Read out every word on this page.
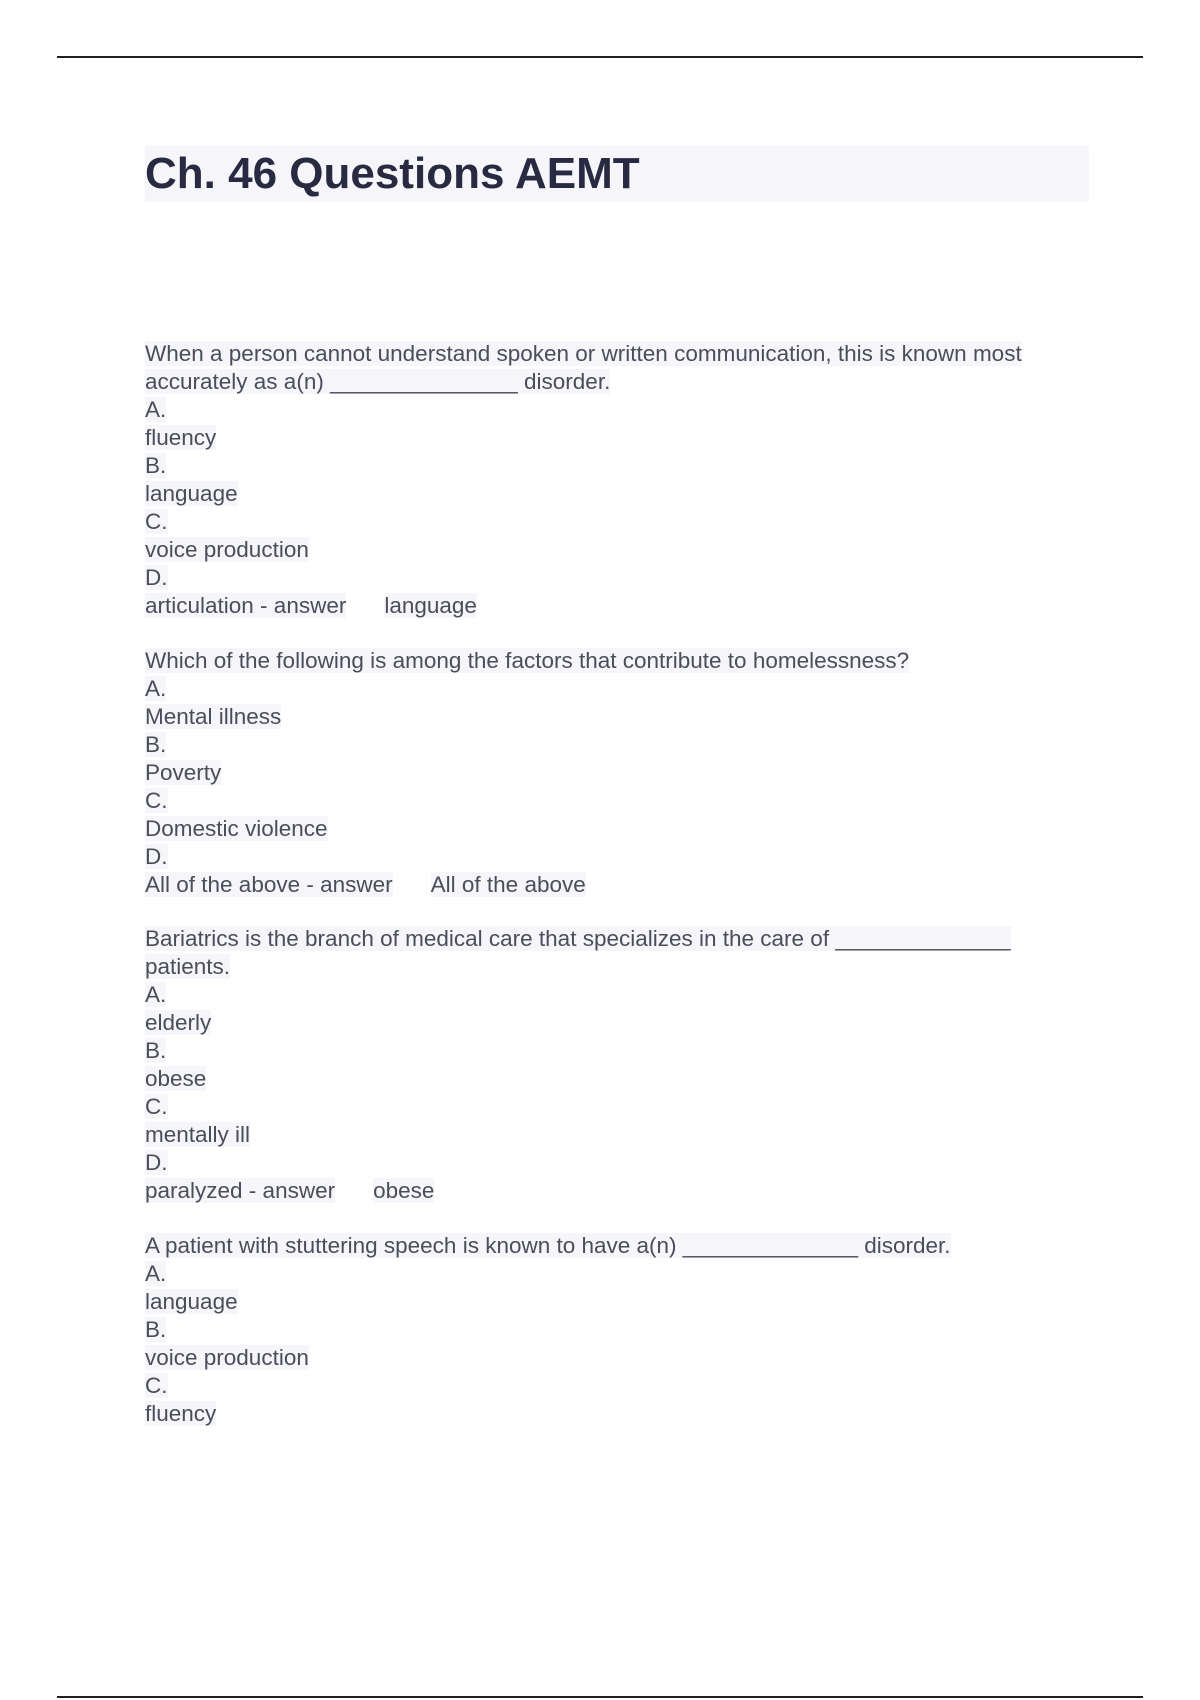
Ch. 46 Questions AEMT
When a person cannot understand spoken or written communication, this is known most
accurately as a(n) _______________ disorder.
A.
fluency
B.
language
C.
voice production
D.
articulation - answer language
Which of the following is among the factors that contribute to homelessness?
A.
Mental illness
B.
Poverty
C.
Domestic violence
D.
All of the above - answer All of the above
Bariatrics is the branch of medical care that specializes in the care of ______________
patients.
A.
elderly
B.
obese
C.
mentally ill
D.
paralyzed - answer obese
A patient with stuttering speech is known to have a(n) ______________ disorder.
A.
language
B.
voice production
C.
fluency
